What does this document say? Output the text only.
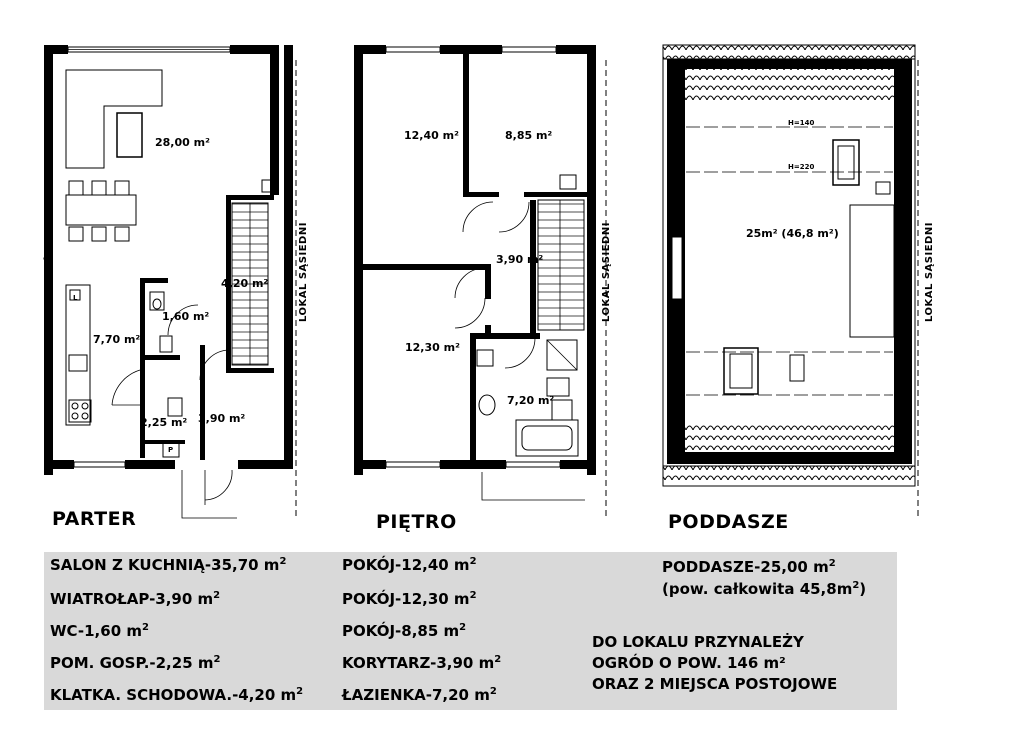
28,00 m²
4,20 m²
1,60 m²
7,70 m²
2,25 m² 3,90 m²
L
P
LOKAL SĄSIEDNI
12,40 m²	8,85 m²
3,90 m²
12,30 m²
7,20 m²
LOKAL SĄSIEDNI
H=140
H=220
25m² (46,8 m²)	LOKAL SĄSIEDNI
PARTER	PIĘTRO	PODDASZE
SALON Z KUCHNIĄ-35,70 $m^2$
WIATROŁAP-3,90 $m^2$
WC-1,60 $m^2$
POM. GOSP.-2,25 $m^2$
KLATKA. SCHODOWA.-4,20 $m^2$
POKÓJ-12,40 $m^2$
POKÓJ-12,30 $m^2$
POKÓJ-8,85 $m^2$
KORYTARZ-3,90 $m^2$
ŁAZIENKA-7,20 $m^2$
PODDASZE-25,00 $m^2$
(pow. całkowita $45,8m^2$)
DO LOKALU PRZYNALEŻY
OGRÓD O POW. 146 m²
ORAZ 2 MIEJSCA POSTOJOWE
